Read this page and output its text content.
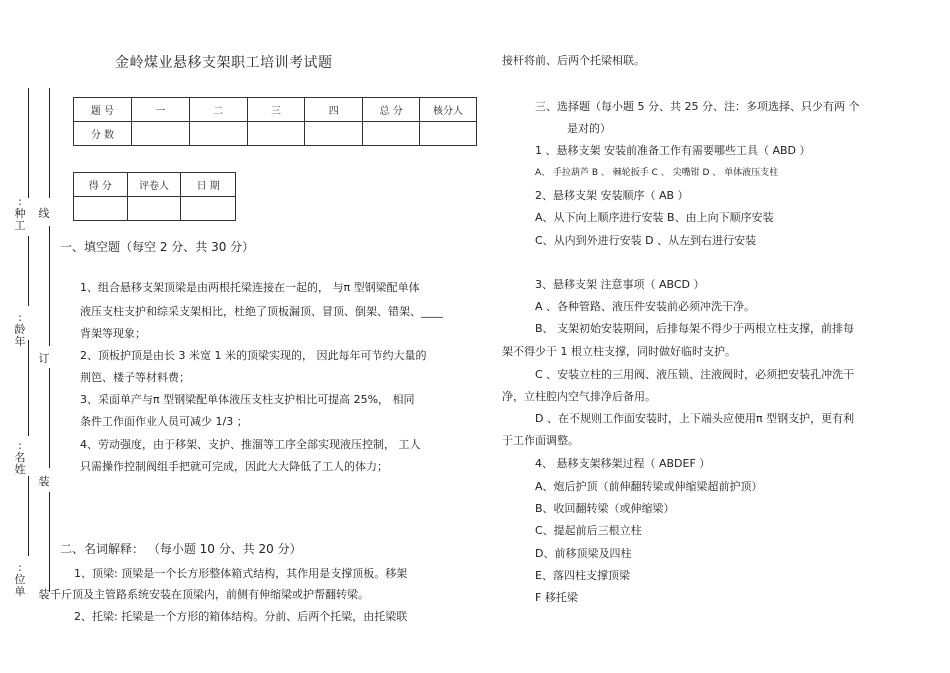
金岭煤业悬移支架职工培训考试题
题 号	一	二	三	四	总 分	核分人
分 数						
得 分	评卷人	日 期

: 种 工
: 龄 年
: 名 姓
: 位 单
线
订
装
装
一、填空题（每空 2 分、共 30 分）
1、组合悬移支架顶梁是由两根托梁连接在一起的， 与π 型钢梁配单体
液压支柱支护和综采支架相比，杜绝了顶板漏顶、冒顶、倒架、错架、____
背架等现象；
2、顶板护顶是由长 3 米宽 1 米的顶梁实现的， 因此每年可节约大量的
荆笆、楼子等材料费；
3、采面单产与π 型钢梁配单体液压支柱支护相比可提高 25%， 相同
条件工作面作业人员可减少 1/3 ；
4、劳动强度，由于移架、支护、推溜等工序全部实现液压控制， 工人
只需操作控制阀组手把就可完成，因此大大降低了工人的体力；
二、名词解释： （每小题 10 分、共 20 分）
1、顶梁: 顶梁是一个长方形整体箱式结构，其作用是支撑顶板。移架
千斤顶及主管路系统安装在顶梁内，前侧有伸缩梁或护帮翻转梁。
2、托梁: 托梁是一个方形的箱体结构。分前、后两个托梁，由托梁联
接杆将前、后两个托梁相联。
三、选择题（每小题 5 分、共 25 分、注：多项选择、只少有两 个
是对的）
1 、悬移支架 安装前准备工作有需要哪些工具（ ABD ）
A、 手拉葫芦 B 、 棘轮扳手 C 、 尖嘴钳 D 、 单体液压支柱
2、悬移支架 安装顺序（ AB ）
A、从下向上顺序进行安装 B、由上向下顺序安装
C、从内到外进行安装 D 、从左到右进行安装
3、悬移支架 注意事项（ ABCD ）
A 、各种管路、液压件安装前必须冲洗干净。
B、 支架初始安装期间，后排每架不得少于两根立柱支撑，前排每
架不得少于 1 根立柱支撑，同时做好临时支护。
C 、安装立柱的三用阀、液压锁、注液阀时，必须把安装孔冲洗干
净，立柱腔内空气排净后备用。
D 、在不规则工作面安装时，上下端头应使用π 型钢支护，更有利
于工作面调整。
4、 悬移支架移架过程（ ABDEF ）
A、炮后护顶（前伸翻转梁或伸缩梁超前护顶）
B、收回翻转梁（或伸缩梁）
C、提起前后三根立柱
D、前移顶梁及四柱
E、落四柱支撑顶梁
F 移托梁
